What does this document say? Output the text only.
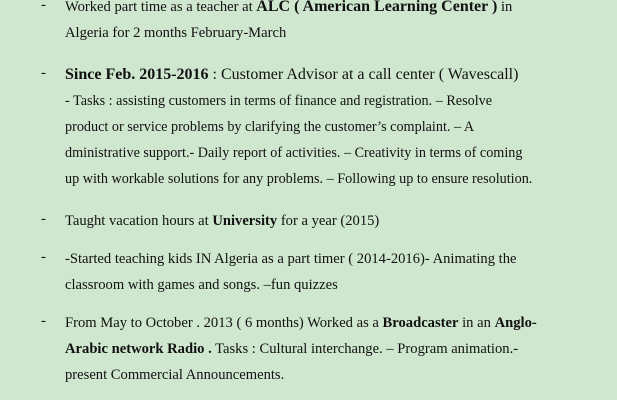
- Worked part time as a teacher at ALC ( American Learning Center ) in
Algeria for 2 months February-March
- Since Feb. 2015-2016 : Customer Advisor at a call center ( Wavescall)
- Tasks : assisting customers in terms of finance and registration. – Resolve
product or service problems by clarifying the customer’s complaint. – A
dministrative support.- Daily report of activities. – Creativity in terms of coming
up with workable solutions for any problems. – Following up to ensure resolution.
- Taught vacation hours at University for a year (2015)
- -Started teaching kids IN Algeria as a part timer ( 2014-2016)- Animating the
classroom with games and songs. –fun quizzes
- From May to October . 2013 ( 6 months) Worked as a Broadcaster in an Anglo-
Arabic network Radio . Tasks : Cultural interchange. – Program animation.-
present Commercial Announcements.
